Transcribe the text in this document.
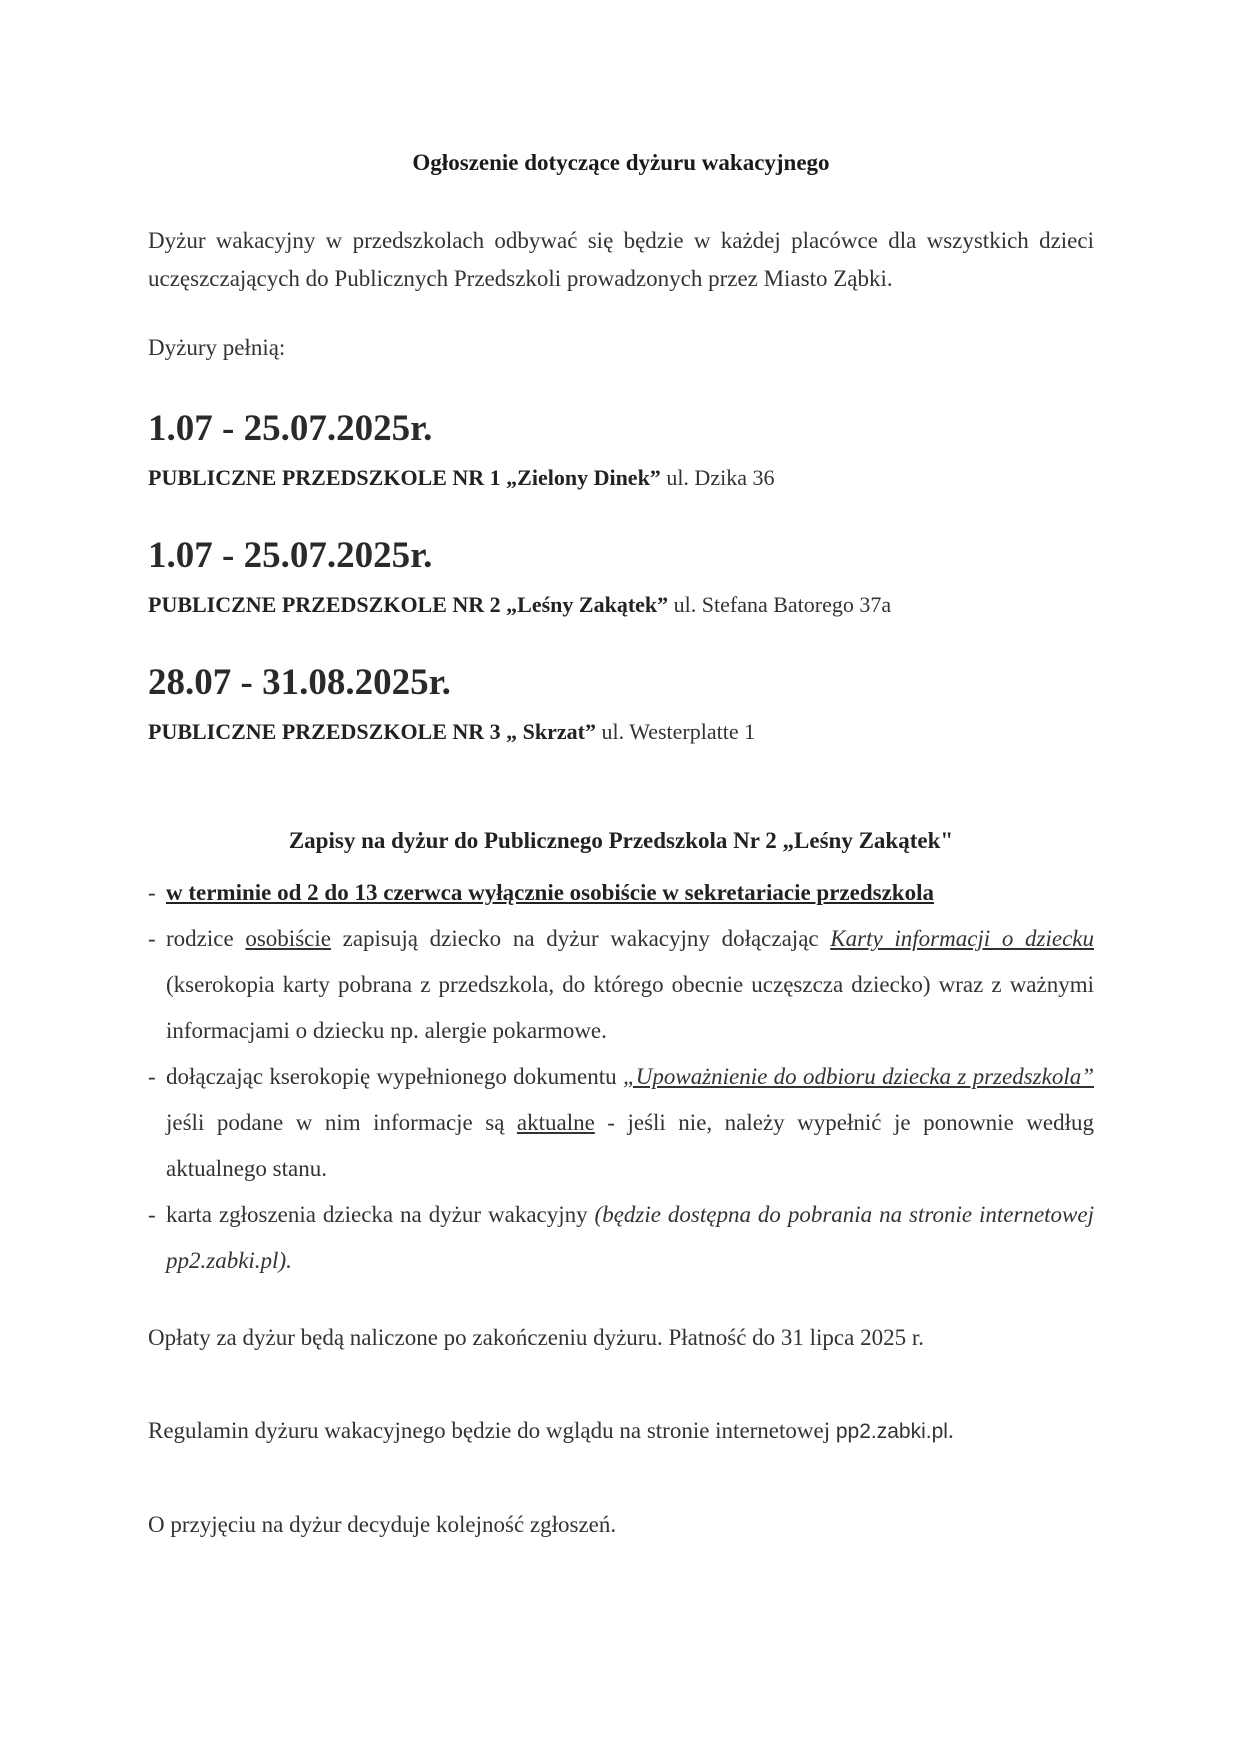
Ogłoszenie dotyczące dyżuru wakacyjnego
Dyżur wakacyjny w przedszkolach odbywać się będzie w każdej placówce dla wszystkich dzieci uczęszczających do Publicznych Przedszkoli prowadzonych przez Miasto Ząbki.
Dyżury pełnią:
1.07 - 25.07.2025r.
PUBLICZNE PRZEDSZKOLE NR 1 „Zielony Dinek” ul. Dzika 36
1.07 - 25.07.2025r.
PUBLICZNE PRZEDSZKOLE NR 2 „Leśny Zakątek” ul. Stefana Batorego 37a
28.07 - 31.08.2025r.
PUBLICZNE PRZEDSZKOLE NR 3 „ Skrzat” ul. Westerplatte 1
Zapisy na dyżur do Publicznego Przedszkola Nr 2 „Leśny Zakątek"
- w terminie od 2 do 13 czerwca wyłącznie osobiście w sekretariacie przedszkola
- rodzice osobiście zapisują dziecko na dyżur wakacyjny dołączając Karty informacji o dziecku (kserokopia karty pobrana z przedszkola, do którego obecnie uczęszcza dziecko) wraz z ważnymi informacjami o dziecku np. alergie pokarmowe.
- dołączając kserokopię wypełnionego dokumentu „Upoważnienie do odbioru dziecka z przedszkola” jeśli podane w nim informacje są aktualne - jeśli nie, należy wypełnić je ponownie według aktualnego stanu.
- karta zgłoszenia dziecka na dyżur wakacyjny (będzie dostępna do pobrania na stronie internetowej pp2.zabki.pl).
Opłaty za dyżur będą naliczone po zakończeniu dyżuru. Płatność do 31 lipca 2025 r.
Regulamin dyżuru wakacyjnego będzie do wglądu na stronie internetowej pp2.zabki.pl.
O przyjęciu na dyżur decyduje kolejność zgłoszeń.
